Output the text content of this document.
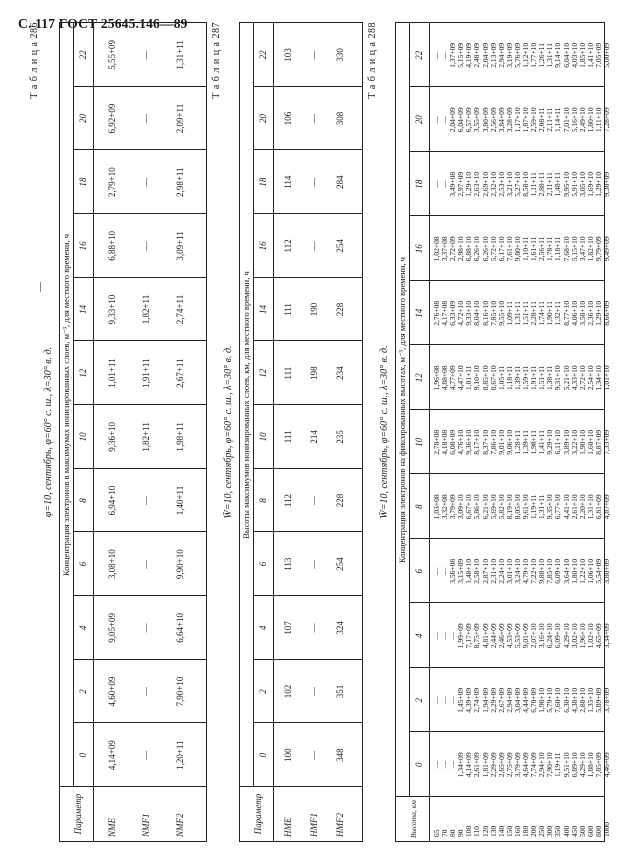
С. 117 ГОСТ 25645.146—89
Т а б л и ц а 286
—
φ=10, сентябрь, φ=60° с. ш., λ=30° в. д. Концентрация электронов в максимумах ионизированных слоев, м⁻³, для местного времени, ч
Параметр
0
2
4
6
8
10
12
14
16
18
20
22
NME
4,14+09
4,60+09
9,05+09
3,08+10
6,94+10
9,36+10
1,01+11
9,33+10
6,88+10
2,79+10
6,92+09
5,55+09
NMF1
—
—
—
—
—
1,82+11
1,91+11
1,82+11
—
—
—
—
NMF2
1,20+11
7,90+10
6,64+10
9,90+10
1,40+11
1,98+11
2,67+11
2,74+11
3,09+11
2,98+11
2,09+11
1,31+11	Т а б л и ц а 287
W̄=10, сентябрь, φ=60° с. ш., λ=30° в. д. Высоты максимумов ионизированных слоев, км, для местного времени, ч
Параметр
0
2
4
6
8
10
12
14
16
18
20
22
HME
100
102
107
113
112
111
111
111
112
114
106
103
HMF1
—
—
—
—
—
214
198
190
—
—
—
—
HMF2
348
351
324
254
228
235
234
228
254
284
308
330 Т а б л и ц а 288
W̄=10, сентябрь, φ=60° с. ш., λ=30° в. д. Концентрация электронов на фиксированных высотах, м⁻³, для местного времени, ч
Высота, км 65
70
80
90
100
110
120
130
140
150
160
180
200
250
300
350
400
450
500
600
800
1000
0
2
4
6
8
10
12
14
16
18
20
22
—
—
—
1,34+09
4,14+09
2,61+09
1,81+09
2,29+09
2,65+09
2,75+09
3,79+09
4,64+09
7,74+09
2,94+10
7,90+10
1,19+11
9,51+10
6,89+10
4,29+10
1,88+10
7,85+09
4,46+09
—
—
—
1,45+09
4,39+09
2,74+09
1,94+09
2,29+09
2,67+09
2,94+09
3,04+09
4,44+09
6,70+09
1,98+10
5,79+10
7,60+10
6,30+10
4,38+10
2,88+10
1,35+10
5,89+09
3,78+09
—
—
—
1,99+09
7,17+09
8,75+09
4,81+09
2,44+09
2,46+09
4,53+09
5,53+09
9,01+09
2,07+10
3,16+10
6,24+10
6,09+10
4,29+10
3,02+10
1,96+10
1,02+10
4,65+09
3,34+09
—
—
3,56+08
3,15+09
1,48+10
2,58+10
2,87+10
2,31+10
2,24+10
3,01+10
3,24+10
4,79+10
7,22+10
9,88+10
7,85+10
6,09+10
3,64+10
1,80+10
1,22+10
1,06+10
5,54+09
3,80+09
1,03+08
3,32+08
3,79+09
3,09+10
6,67+10
5,86+10
6,21+10
5,69+10
5,82+10
8,19+10
8,05+10
9,61+10
1,19+11
1,31+11
9,35+10
6,77+10
4,41+10
2,61+10
2,20+10
1,31+10
6,81+09
4,87+09
2,78+08
4,18+08
6,08+09
4,76+10
9,36+10
8,17+10
8,37+10
7,86+10
9,01+10
9,06+10
1,28+11
1,39+11
1,98+11
1,41+11
9,29+10
6,11+10
3,89+10
3,22+10
1,90+10
1,60+10
8,87+09
7,33+09
1,96+08
4,88+08
4,77+09
4,47+10
1,01+11
9,10+10
8,85+10
8,67+10
1,05+11
1,18+11
1,39+11
1,59+11
1,91+11
1,51+11
1,38+11
9,31+10
5,21+10
4,33+10
2,72+10
2,54+10
1,34+10
1,01+10
2,76+08
4,17+08
6,33+09
4,72+10
9,33+10
8,04+10
8,16+10
7,85+10
9,55+10
1,09+11
1,31+11
1,51+11
2,28+11
1,74+11
1,90+11
1,32+11
8,77+10
4,06+10
3,58+10
2,36+10
1,29+10
8,66+09
1,02+08
3,37+08
2,72+09
2,98+10
6,88+10
6,26+10
6,26+10
5,72+10
6,17+10
7,61+10
9,80+10
1,10+11
1,61+11
2,56+11
1,78+11
1,18+11
7,68+10
5,15+10
3,47+10
1,82+10
9,79+09
9,49+09
—
—
3,49+08
2,97+09
1,29+10
2,63+10
2,69+10
2,32+10
2,53+10
3,21+10
5,27+10
8,58+10
1,11+11
2,88+11
2,11+11
1,48+11
9,95+10
5,91+10
3,05+10
1,69+10
1,29+10
9,38+09
—
—
2,04+09
6,04+09
6,57+09
3,55+09
3,80+09
2,56+09
3,84+09
3,28+09
1,17+10
1,87+10
2,59+10
2,08+11
2,11+11
1,14+11
7,01+10
5,16+10
2,49+10
1,80+10
1,11+10
7,28+09
—
—
1,37+09
5,15+09
4,19+09
2,48+09
2,04+09
2,13+09
2,94+09
3,19+09
5,76+09
1,12+10
1,77+10
1,26+11
1,31+11
9,14+10
6,04+10
4,03+10
1,85+10
1,41+10
7,05+09
5,00+09
